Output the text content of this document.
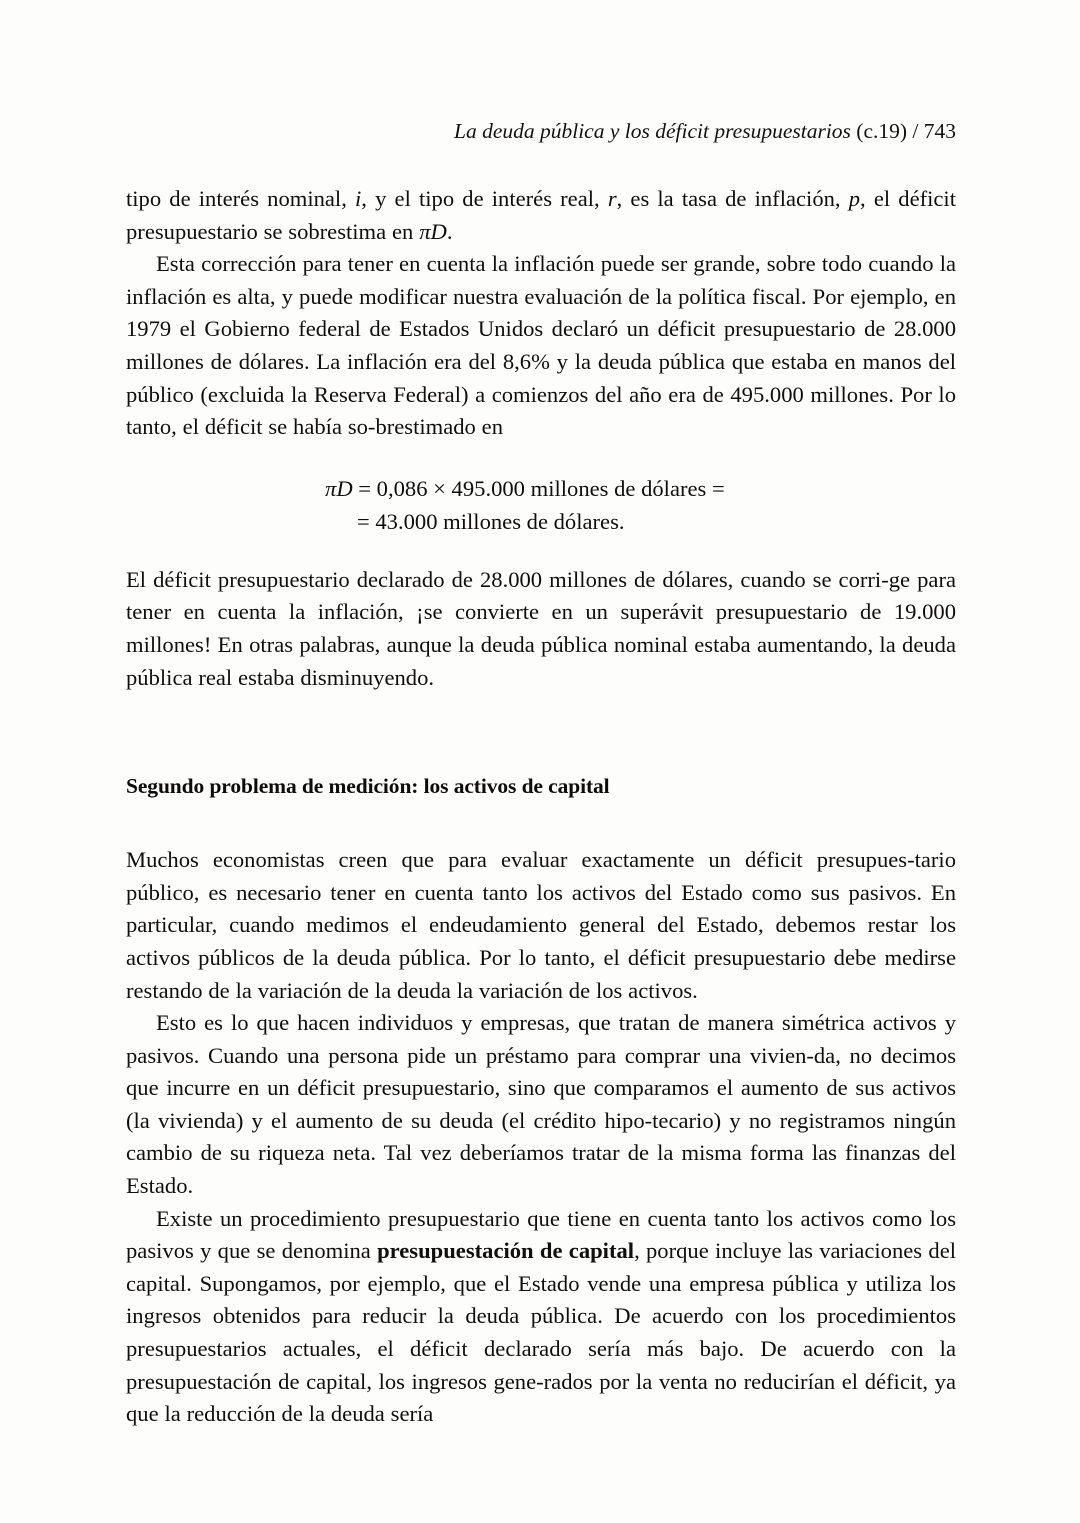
La deuda pública y los déficit presupuestarios (c.19) / 743

tipo de interés nominal, i, y el tipo de interés real, r, es la tasa de inflación, p, el déficit presupuestario se sobrestima en πD.

Esta corrección para tener en cuenta la inflación puede ser grande, sobre todo cuando la inflación es alta, y puede modificar nuestra evaluación de la política fiscal. Por ejemplo, en 1979 el Gobierno federal de Estados Unidos declaró un déficit presupuestario de 28.000 millones de dólares. La inflación era del 8,6% y la deuda pública que estaba en manos del público (excluida la Reserva Federal) a comienzos del año era de 495.000 millones. Por lo tanto, el déficit se había so-brestimado en

πD = 0,086 × 495.000 millones de dólares =
= 43.000 millones de dólares.

El déficit presupuestario declarado de 28.000 millones de dólares, cuando se corri-ge para tener en cuenta la inflación, ¡se convierte en un superávit presupuestario de 19.000 millones! En otras palabras, aunque la deuda pública nominal estaba aumentando, la deuda pública real estaba disminuyendo.

Segundo problema de medición: los activos de capital

Muchos economistas creen que para evaluar exactamente un déficit presupues-tario público, es necesario tener en cuenta tanto los activos del Estado como sus pasivos. En particular, cuando medimos el endeudamiento general del Estado, debemos restar los activos públicos de la deuda pública. Por lo tanto, el déficit presupuestario debe medirse restando de la variación de la deuda la variación de los activos.

Esto es lo que hacen individuos y empresas, que tratan de manera simétrica activos y pasivos. Cuando una persona pide un préstamo para comprar una vivien-da, no decimos que incurre en un déficit presupuestario, sino que comparamos el aumento de sus activos (la vivienda) y el aumento de su deuda (el crédito hipo-tecario) y no registramos ningún cambio de su riqueza neta. Tal vez deberíamos tratar de la misma forma las finanzas del Estado.

Existe un procedimiento presupuestario que tiene en cuenta tanto los activos como los pasivos y que se denomina presupuestación de capital, porque incluye las variaciones del capital. Supongamos, por ejemplo, que el Estado vende una empresa pública y utiliza los ingresos obtenidos para reducir la deuda pública. De acuerdo con los procedimientos presupuestarios actuales, el déficit declarado sería más bajo. De acuerdo con la presupuestación de capital, los ingresos gene-rados por la venta no reducirían el déficit, ya que la reducción de la deuda sería
